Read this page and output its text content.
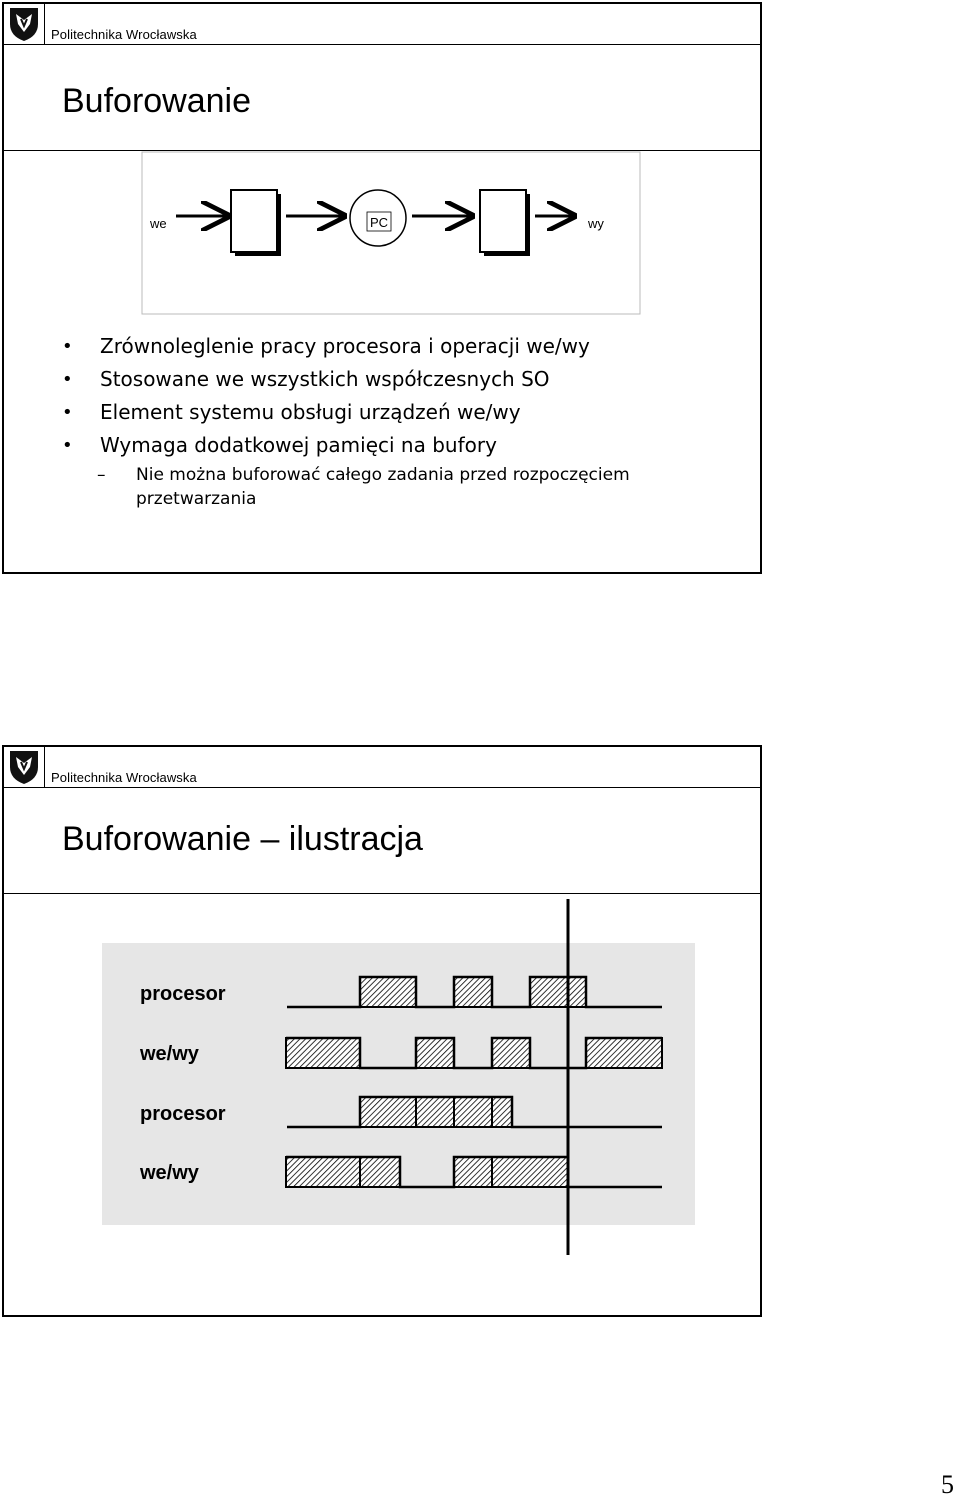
Politechnika Wrocławska
Buforowanie
we	PC	wy
• Zrównoleglenie pracy procesora i operacji we/wy
• Stosowane we wszystkich współczesnych SO
• Element systemu obsługi urządzeń we/wy
• Wymaga dodatkowej pamięci na bufory
–	Nie można buforować całego zadania przed rozpoczęciem przetwarzania
Politechnika Wrocławska
Buforowanie – ilustracja
procesor
we/wy
procesor
we/wy
5
